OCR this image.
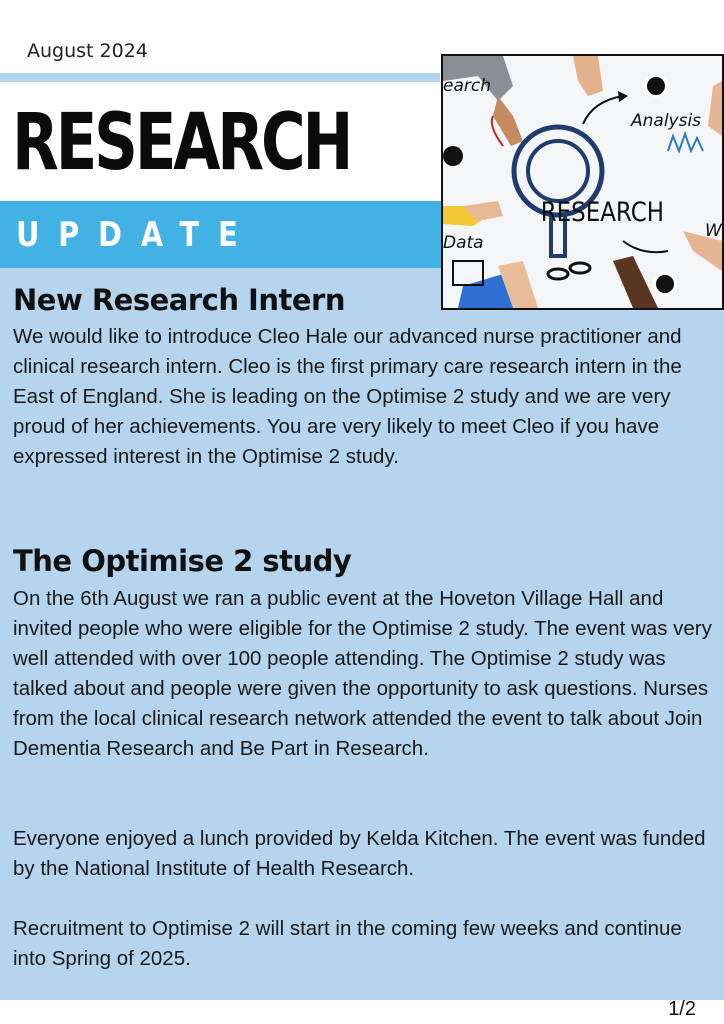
August 2024
RESEARCH
UPDATE
RESEARCH
Analysis
earch
Data
W
New Research Intern
We would like to introduce Cleo Hale our advanced nurse practitioner and clinical research intern. Cleo is the first primary care research intern in the East of England. She is leading on the Optimise 2 study and we are very proud of her achievements. You are very likely to meet Cleo if you have expressed interest in the Optimise 2 study.
The Optimise 2 study
On the 6th August we ran a public event at the Hoveton Village Hall and invited people who were eligible for the Optimise 2 study. The event was very well attended with over 100 people attending. The Optimise 2 study was talked about and people were given the opportunity to ask questions. Nurses from the local clinical research network attended the event to talk about Join Dementia Research and Be Part in Research.
Everyone enjoyed a lunch provided by Kelda Kitchen. The event was funded by the National Institute of Health Research.
Recruitment to Optimise 2 will start in the coming few weeks and continue into Spring of 2025.
1/2
